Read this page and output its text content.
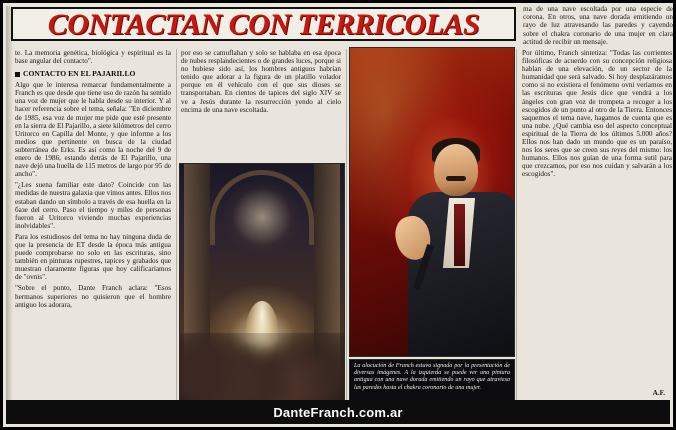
CONTACTAN CON TERRICOLAS	ma de una nave escoltada por una especie de corona. En otros, una nave dorada emitiendo un rayo de luz atravesando las paredes y cayendo sobre el chakra coronario de una mujer en clara actitud de recibir un mensaje.

te. La memoria genética, biológica y espiritual es la base angular del contacto".

CONTACTO EN EL PAJARILLO

Algo que le interesa remarcar fundamentalmente a Franch es que desde que tiene uso de razón ha sentido una voz de mujer que le habla desde su interior. Y al hacer referencia sobre el tema, señala: "En diciembre de 1985, esa voz de mujer me pide que esté presente en la sierra de El Pajarillo, a siete kilómetros del cerro Uritorco en Capilla del Monte, y que informe a los medios que pertinente en busca de la ciudad subterránea de Erks. Es así como la noche del 9 de enero de 1986, estando detrás de El Pajarillo, una nave dejó una huella de 115 metros de largo por 95 de ancho".

"¿Les suena familiar este dato? Coincide con las medidas de nuestra galaxia que vimos antes. Ellos nos estaban dando un símbolo a través de esa huella en la базе del cerro. Paso el tiempo y miles de personas fueron al Uritorco viviendo muchas experiencias inolvidables".

Para los estudiosos del tema no hay ninguna duda de que la presencia de ET desde la época más antigua puede comprobarse no solo en las escrituras, sino también en pinturas rupestres, tapices y grabados que muestran claramente figuras que hoy calificaríamos de "ovnis".

"Sobre el punto, Dante Franch aclara: "Esos hermanos superiores no quisieron que el hombre antiguo los adorara,

por eso se camuflaban y solo se hablaba en esa época de nubes resplandecientes o de grandes luces, porque si no hubiese sido así, los hombres antiguos habrían tenido que adorar a la figura de un platillo volador porque en él vehículo con el que sus dioses se transportaban. En cientos de tapices del siglo XIV se ve a Jesús durante la resurrección yendo al cielo encima de una nave escoltada.

La alocución de Franch estuvo signada por la presentación de diversas imágenes. A la izquierda se puede ver una pintura antigua con una nave dorada emitiendo un rayo que atraviesa las paredes hasta el chakra coronario de una mujer.

Por último, Franch sintetiza: "Todas las corrientes filosóficas de acuerdo con su concepción religiosa hablan de una elevación, de un sector de la humanidad que será salvado. Si hoy desplazáramos como si no existiera el fenómeno ovni veríamos en las escrituras que Jesús dice que vendrá a los ángeles con gran voz de trompeta a recoger a los escogidos de un punto al otro de la Tierra. Entonces saquemos el tema nave, hagamos de cuenta que es una nube. ¿Qué cambia eso del aspecto conceptual espiritual de la Tierra de los últimos 5.000 años? Ellos nos han dado un mundo que es un paraíso, nos los seres que se creen sus reyes del mismo: los humanos. Ellos nos guían de una forma sutil para que crezcamos, por eso nos cuidan y salvarán a los escogidos".

A.F.
DanteFranch.com.ar
